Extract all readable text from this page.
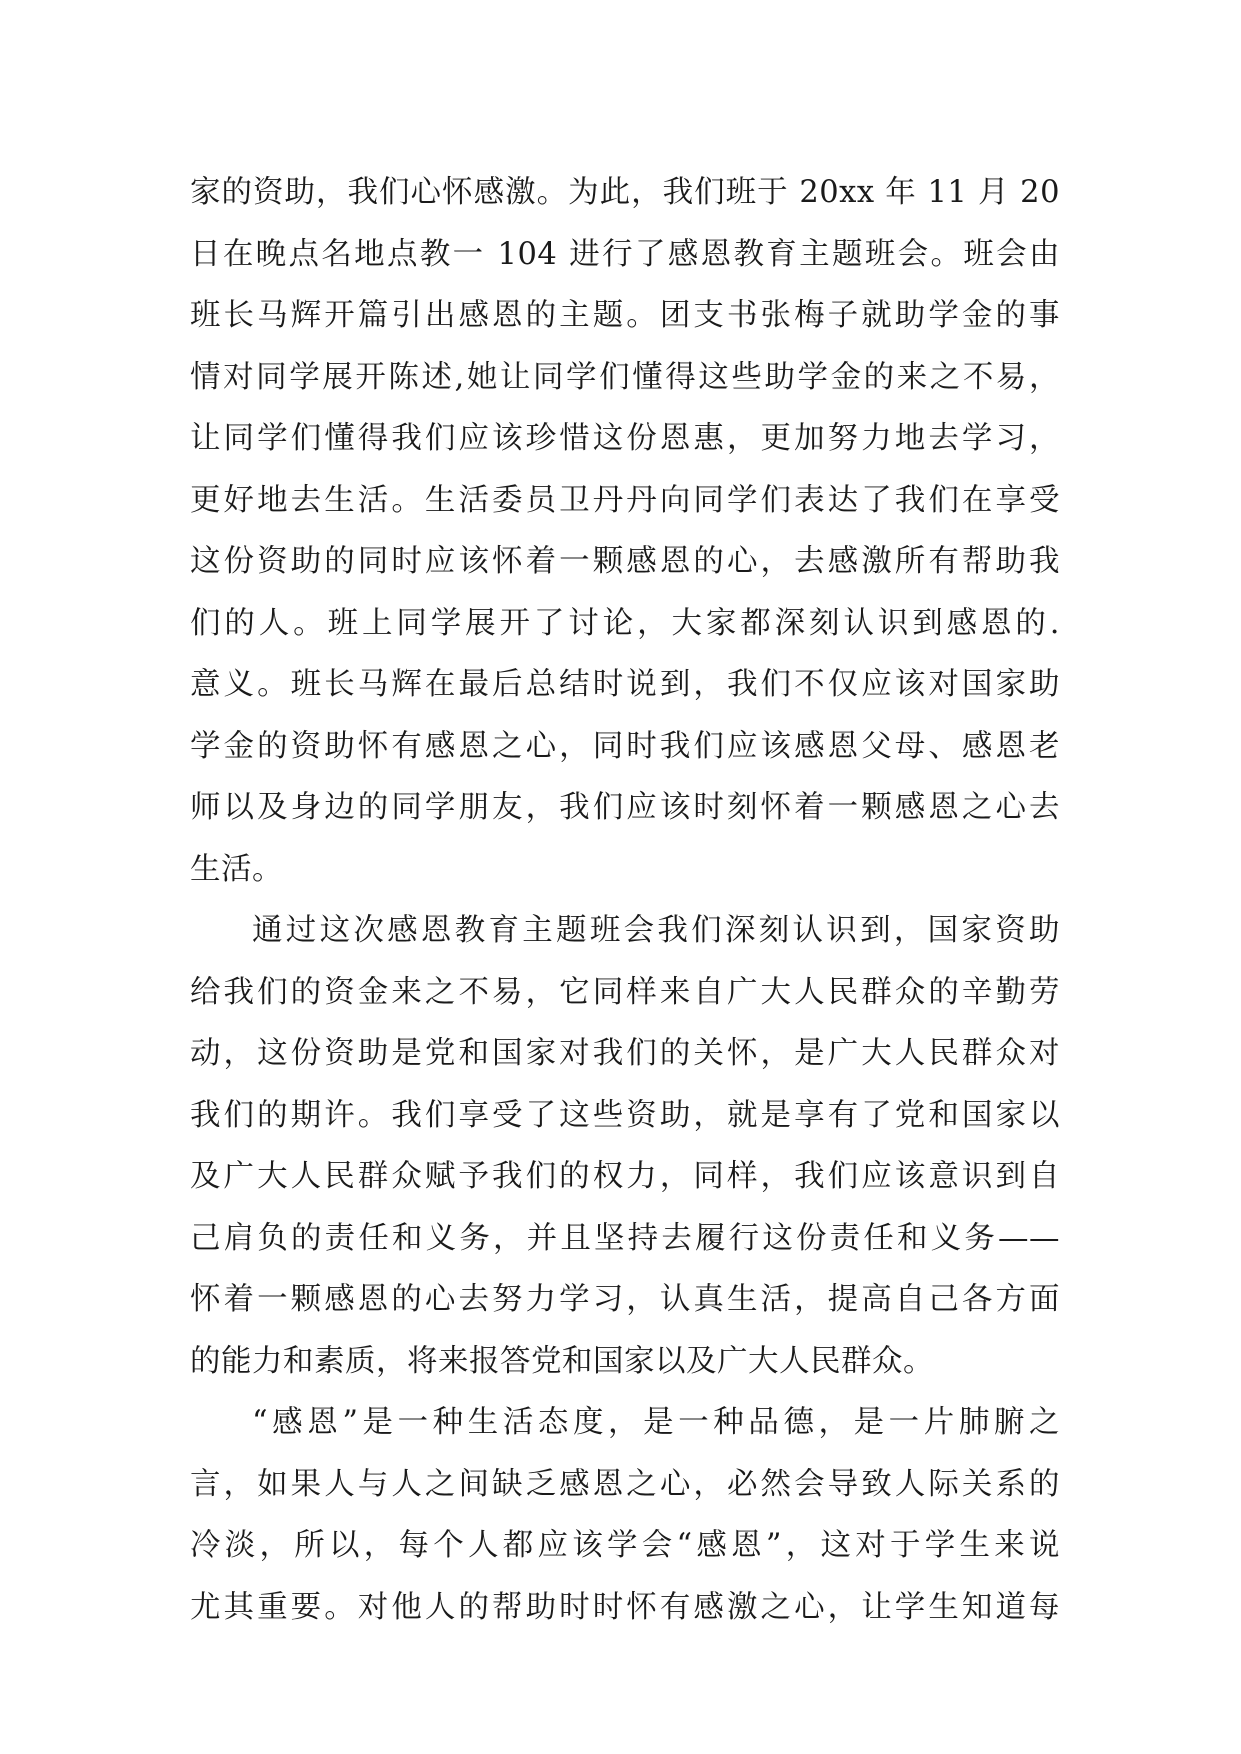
家的资助，我们心怀感激。为此，我们班于 20xx 年 11 月 20
日在晚点名地点教一 104 进行了感恩教育主题班会。班会由
班长马辉开篇引出感恩的主题。团支书张梅子就助学金的事
情对同学展开陈述,她让同学们懂得这些助学金的来之不易，
让同学们懂得我们应该珍惜这份恩惠，更加努力地去学习，
更好地去生活。生活委员卫丹丹向同学们表达了我们在享受
这份资助的同时应该怀着一颗感恩的心，去感激所有帮助我
们的人。班上同学展开了讨论，大家都深刻认识到感恩的.
意义。班长马辉在最后总结时说到，我们不仅应该对国家助
学金的资助怀有感恩之心，同时我们应该感恩父母、感恩老
师以及身边的同学朋友，我们应该时刻怀着一颗感恩之心去
生活。
通过这次感恩教育主题班会我们深刻认识到，国家资助
给我们的资金来之不易，它同样来自广大人民群众的辛勤劳
动，这份资助是党和国家对我们的关怀，是广大人民群众对
我们的期许。我们享受了这些资助，就是享有了党和国家以
及广大人民群众赋予我们的权力，同样，我们应该意识到自
己肩负的责任和义务，并且坚持去履行这份责任和义务——
怀着一颗感恩的心去努力学习，认真生活，提高自己各方面
的能力和素质，将来报答党和国家以及广大人民群众。
“感恩”是一种生活态度，是一种品德，是一片肺腑之
言，如果人与人之间缺乏感恩之心，必然会导致人际关系的
冷淡，所以，每个人都应该学会“感恩”，这对于学生来说
尤其重要。对他人的帮助时时怀有感激之心，让学生知道每
